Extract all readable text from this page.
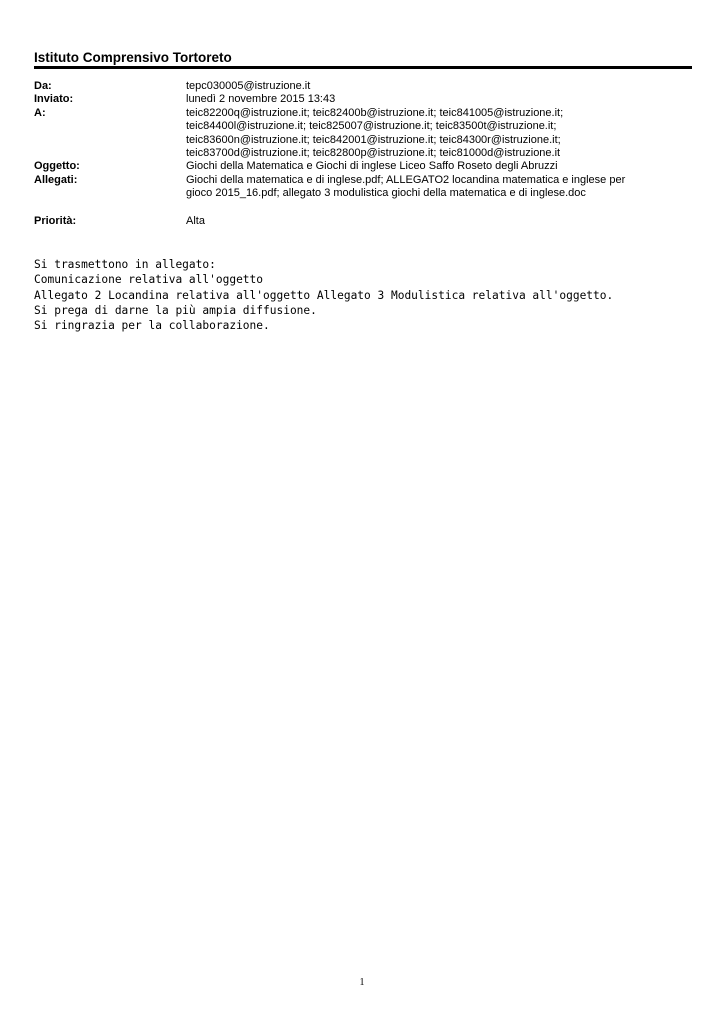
Istituto Comprensivo Tortoreto
Da:	tepc030005@istruzione.it
Inviato:	lunedì 2 novembre 2015 13:43
A:	teic82200q@istruzione.it; teic82400b@istruzione.it; teic841005@istruzione.it;
teic84400l@istruzione.it; teic825007@istruzione.it; teic83500t@istruzione.it;
teic83600n@istruzione.it; teic842001@istruzione.it; teic84300r@istruzione.it;
teic83700d@istruzione.it; teic82800p@istruzione.it; teic81000d@istruzione.it

Oggetto:	Giochi della Matematica e Giochi di inglese Liceo Saffo Roseto degli Abruzzi
Allegati:	Giochi della matematica e di inglese.pdf; ALLEGATO2 locandina matematica e inglese per
gioco 2015_16.pdf; allegato 3 modulistica giochi della matematica e di inglese.doc

Priorità:	Alta
Si trasmettono in allegato:
Comunicazione relativa all'oggetto
Allegato 2 Locandina relativa all'oggetto Allegato 3 Modulistica relativa all'oggetto.
Si prega di darne la più ampia diffusione.
Si ringrazia per la collaborazione.
1
